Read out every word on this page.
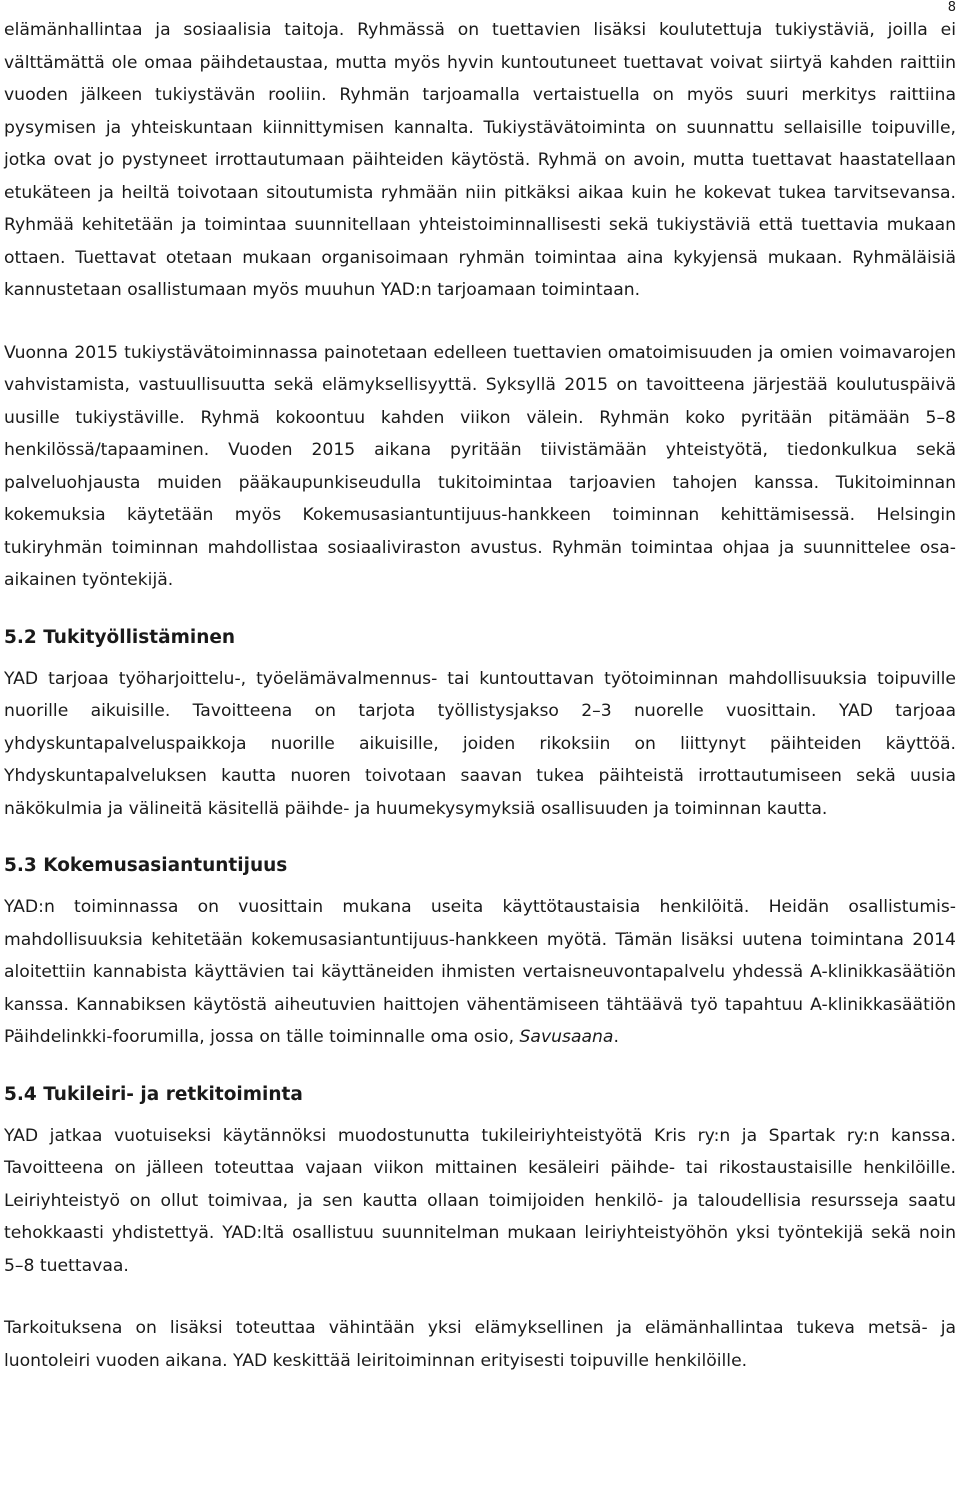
8

elämänhallintaa ja sosiaalisia taitoja. Ryhmässä on tuettavien lisäksi koulutettuja tukiystäviä, joilla ei välttämättä ole omaa päihdetaustaa, mutta myös hyvin kuntoutuneet tuettavat voivat siirtyä kahden raittiin vuoden jälkeen tukiystävän rooliin. Ryhmän tarjoamalla vertaistuella on myös suuri merkitys raittiina pysymisen ja yhteiskuntaan kiinnittymisen kannalta. Tukiystävätoiminta on suunnattu sellaisille toipuville, jotka ovat jo pystyneet irrottautumaan päihteiden käytöstä. Ryhmä on avoin, mutta tuettavat haastatellaan etukäteen ja heiltä toivotaan sitoutumista ryhmään niin pitkäksi aikaa kuin he kokevat tukea tarvitsevansa. Ryhmää kehitetään ja toimintaa suunnitellaan yhteistoiminnallisesti sekä tukiystäviä että tuettavia mukaan ottaen. Tuettavat otetaan mukaan organisoimaan ryhmän toimintaa aina kykyjensä mukaan. Ryhmäläisiä kannustetaan osallistumaan myös muuhun YAD:n tarjoamaan toimintaan.

Vuonna 2015 tukiystävätoiminnassa painotetaan edelleen tuettavien omatoimisuuden ja omien voimavarojen vahvistamista, vastuullisuutta sekä elämyksellisyyttä. Syksyllä 2015 on tavoitteena järjestää koulutuspäivä uusille tukiystäville. Ryhmä kokoontuu kahden viikon välein. Ryhmän koko pyritään pitämään 5–8 henkilössä/tapaaminen. Vuoden 2015 aikana pyritään tiivistämään yhteistyötä, tiedonkulkua sekä palveluohjausta muiden pääkaupunkiseudulla tukitoimintaa tarjoavien tahojen kanssa. Tukitoiminnan kokemuksia käytetään myös Kokemusasiantuntijuus-hankkeen toiminnan kehittämisessä. Helsingin tukiryhmän toiminnan mahdollistaa sosiaaliviraston avustus. Ryhmän toimintaa ohjaa ja suunnittelee osa-aikainen työntekijä.

5.2 Tukityöllistäminen

YAD tarjoaa työharjoittelu-, työelämävalmennus- tai kuntouttavan työtoiminnan mahdollisuuksia toipuville nuorille aikuisille. Tavoitteena on tarjota työllistysjakso 2–3 nuorelle vuosittain. YAD tarjoaa yhdyskuntapalveluspaikkoja nuorille aikuisille, joiden rikoksiin on liittynyt päihteiden käyttöä. Yhdyskuntapalveluksen kautta nuoren toivotaan saavan tukea päihteistä irrottautumiseen sekä uusia näkökulmia ja välineitä käsitellä päihde- ja huumekysymyksiä osallisuuden ja toiminnan kautta.

5.3 Kokemusasiantuntijuus

YAD:n toiminnassa on vuosittain mukana useita käyttötaustaisia henkilöitä. Heidän osallistumis-mahdollisuuksia kehitetään kokemusasiantuntijuus-hankkeen myötä. Tämän lisäksi uutena toimintana 2014 aloitettiin kannabista käyttävien tai käyttäneiden ihmisten vertaisneuvontapalvelu yhdessä A-klinikkasäätiön kanssa. Kannabiksen käytöstä aiheutuvien haittojen vähentämiseen tähtäävä työ tapahtuu A-klinikkasäätiön Päihdelinkki-foorumilla, jossa on tälle toiminnalle oma osio, Savusaana.

5.4 Tukileiri- ja retkitoiminta

YAD jatkaa vuotuiseksi käytännöksi muodostunutta tukileiriyhteistyötä Kris ry:n ja Spartak ry:n kanssa. Tavoitteena on jälleen toteuttaa vajaan viikon mittainen kesäleiri päihde- tai rikostaustaisille henkilöille. Leiriyhteistyö on ollut toimivaa, ja sen kautta ollaan toimijoiden henkilö- ja taloudellisia resursseja saatu tehokkaasti yhdistettyä. YAD:ltä osallistuu suunnitelman mukaan leiriyhteistyöhön yksi työntekijä sekä noin 5–8 tuettavaa.

Tarkoituksena on lisäksi toteuttaa vähintään yksi elämyksellinen ja elämänhallintaa tukeva metsä- ja luontoleiri vuoden aikana. YAD keskittää leiritoiminnan erityisesti toipuville henkilöille.
